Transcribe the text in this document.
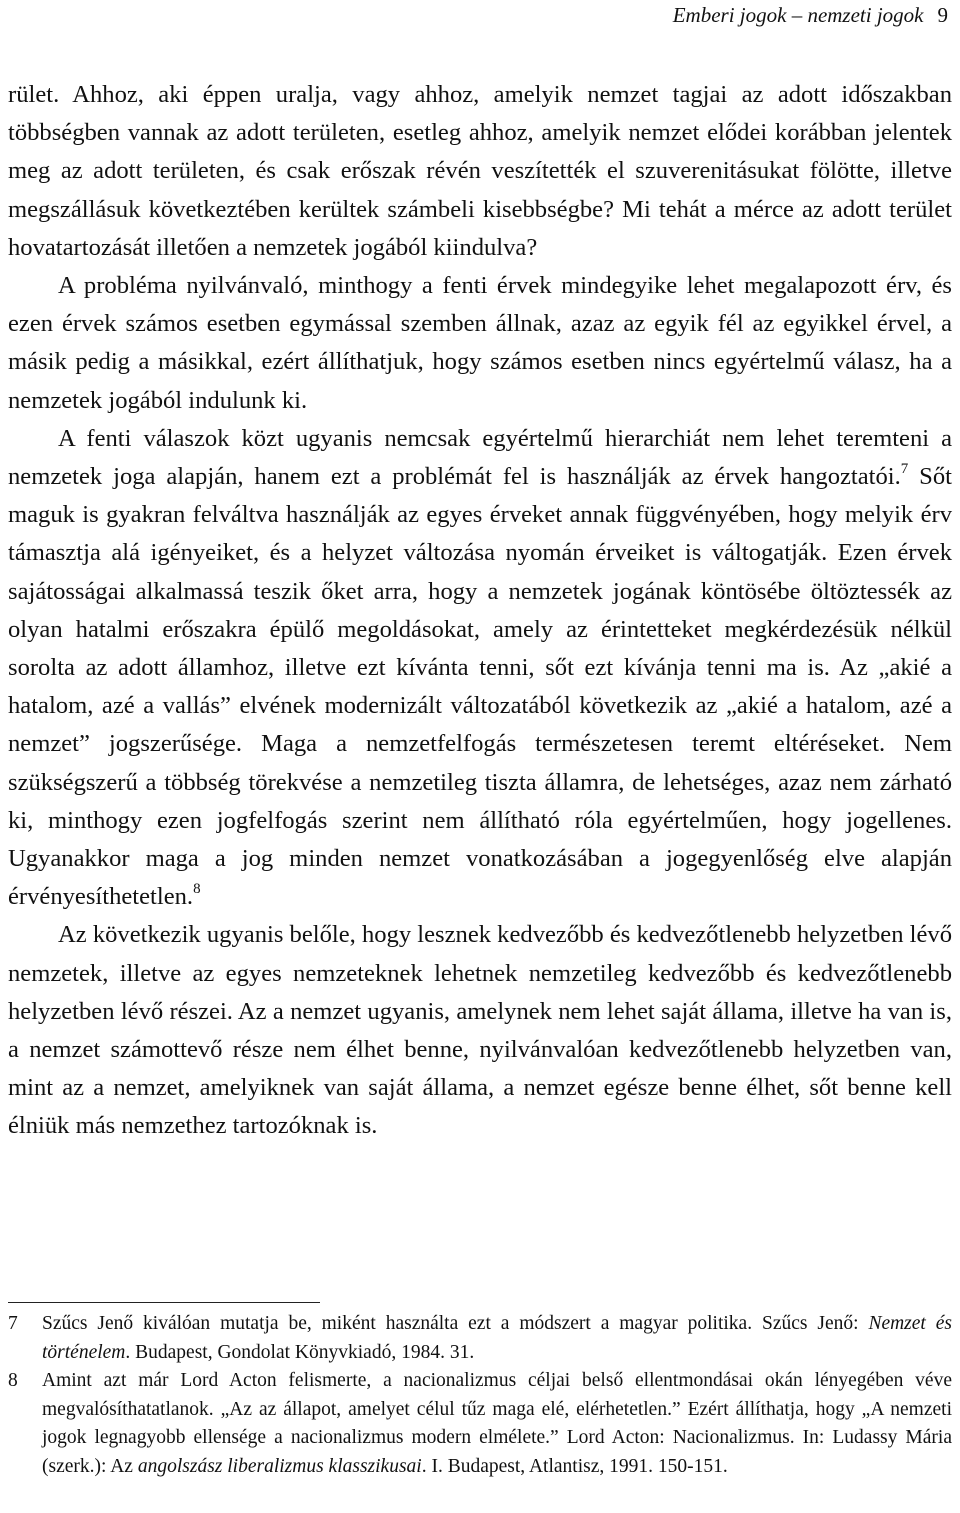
Emberi jogok – nemzeti jogok 9

rület. Ahhoz, aki éppen uralja, vagy ahhoz, amelyik nemzet tagjai az adott időszakban többségben vannak az adott területen, esetleg ahhoz, amelyik nemzet elődei korábban jelentek meg az adott területen, és csak erőszak révén veszítették el szuverenitásukat fölötte, illetve megszállásuk következtében kerültek számbeli kisebbségbe? Mi tehát a mérce az adott terület hovatartozását illetően a nemzetek jogából kiindulva?

A probléma nyilvánvaló, minthogy a fenti érvek mindegyike lehet megalapozott érv, és ezen érvek számos esetben egymással szemben állnak, azaz az egyik fél az egyikkel érvel, a másik pedig a másikkal, ezért állíthatjuk, hogy számos esetben nincs egyértelmű válasz, ha a nemzetek jogából indulunk ki.

A fenti válaszok közt ugyanis nemcsak egyértelmű hierarchiát nem lehet teremteni a nemzetek joga alapján, hanem ezt a problémát fel is használják az érvek hangoztatói.$^7$ Sőt maguk is gyakran felváltva használják az egyes érveket annak függvényében, hogy melyik érv támasztja alá igényeiket, és a helyzet változása nyomán érveiket is váltogatják. Ezen érvek sajátosságai alkalmassá teszik őket arra, hogy a nemzetek jogának köntösébe öltöztessék az olyan hatalmi erőszakra épülő megoldásokat, amely az érintetteket megkérdezésük nélkül sorolta az adott államhoz, illetve ezt kívánta tenni, sőt ezt kívánja tenni ma is. Az „akié a hatalom, azé a vallás” elvének modernizált változatából következik az „akié a hatalom, azé a nemzet” jogszerűsége. Maga a nemzetfelfogás természetesen teremt eltéréseket. Nem szükségszerű a többség törekvése a nemzetileg tiszta államra, de lehetséges, azaz nem zárható ki, minthogy ezen jogfelfogás szerint nem állítható róla egyértelműen, hogy jogellenes. Ugyanakkor maga a jog minden nemzet vonatkozásában a jogegyenlőség elve alapján érvényesíthetetlen.$^8$

Az következik ugyanis belőle, hogy lesznek kedvezőbb és kedvezőtlenebb helyzetben lévő nemzetek, illetve az egyes nemzeteknek lehetnek nemzetileg kedvezőbb és kedvezőtlenebb helyzetben lévő részei. Az a nemzet ugyanis, amelynek nem lehet saját állama, illetve ha van is, a nemzet számottevő része nem élhet benne, nyilvánvalóan kedvezőtlenebb helyzetben van, mint az a nemzet, amelyiknek van saját állama, a nemzet egésze benne élhet, sőt benne kell élniük más nemzethez tartozóknak is.

7 Szűcs Jenő kiválóan mutatja be, miként használta ezt a módszert a magyar politika. Szűcs Jenő: Nemzet és történelem. Budapest, Gondolat Könyvkiadó, 1984. 31.
8 Amint azt már Lord Acton felismerte, a nacionalizmus céljai belső ellentmondásai okán lényegében véve megvalósíthatatlanok. „Az az állapot, amelyet célul tűz maga elé, elérhetetlen.” Ezért állíthatja, hogy „A nemzeti jogok legnagyobb ellensége a nacionalizmus modern elmélete.” Lord Acton: Nacionalizmus. In: Ludassy Mária (szerk.): Az angolszász liberalizmus klasszikusai. I. Budapest, Atlantisz, 1991. 150-151.
